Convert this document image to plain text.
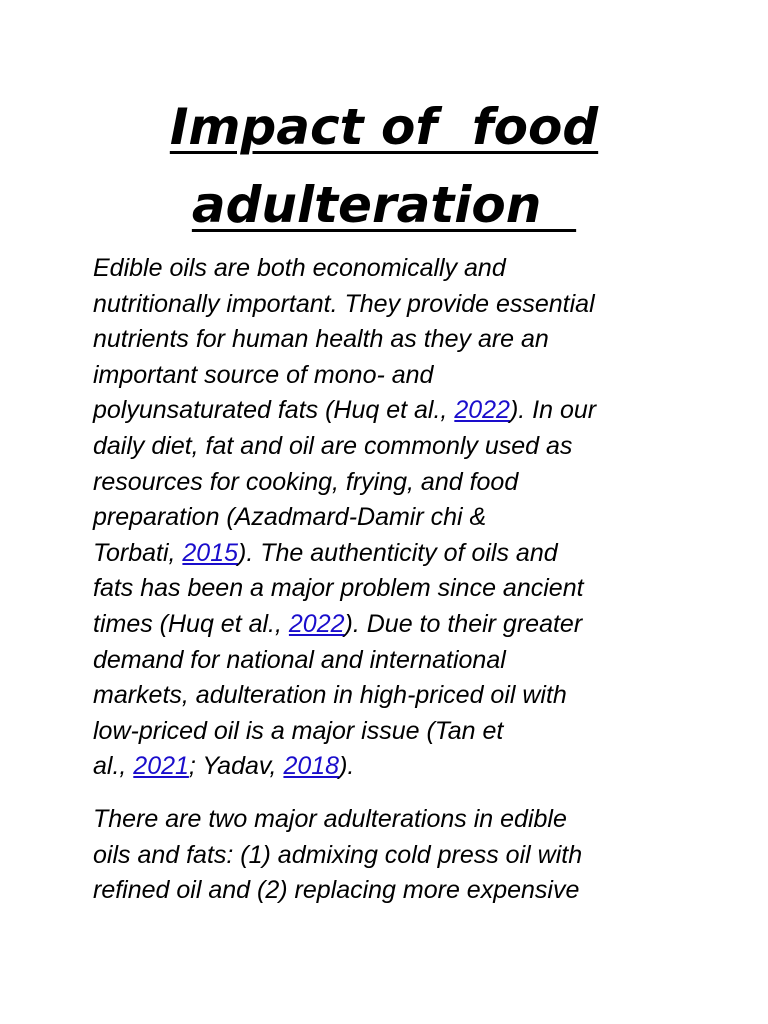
Impact of  food
adulteration

Edible oils are both economically and
nutritionally important. They provide essential
nutrients for human health as they are an
important source of mono- and
polyunsaturated fats (Huq et al., 2022). In our
daily diet, fat and oil are commonly used as
resources for cooking, frying, and food
preparation (Azadmard-Damir chi &
Torbati, 2015). The authenticity of oils and
fats has been a major problem since ancient
times (Huq et al., 2022). Due to their greater
demand for national and international
markets, adulteration in high-priced oil with
low-priced oil is a major issue (Tan et
al., 2021; Yadav, 2018).

There are two major adulterations in edible
oils and fats: (1) admixing cold press oil with
refined oil and (2) replacing more expensive
